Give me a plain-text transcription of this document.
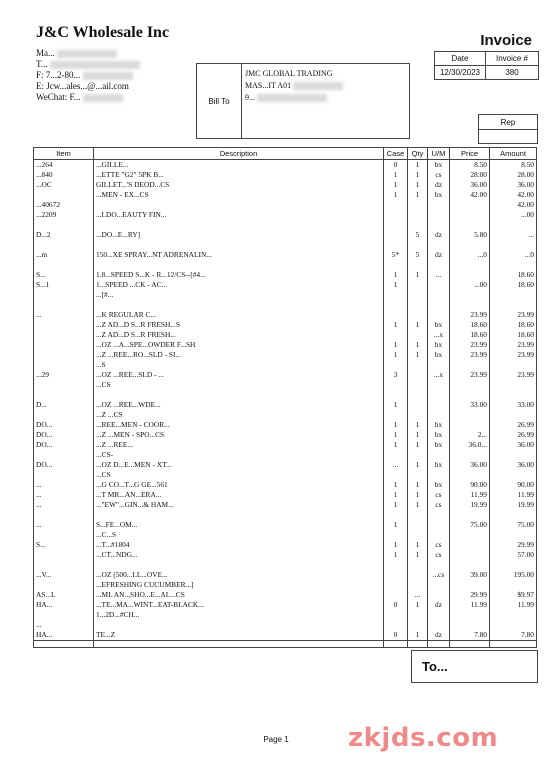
J&C Wholesale Inc
Ma...
T...
F: 7...2-80...
E: Jcw...ales...@...ail.com
WeChat: F...
Invoice
Date	Invoice #
12/30/2023	380
Bill To
JMC GLOBAL TRADING
MAS...IT A01
9...
Rep
Item	Description	Case	Qty	U/M	Price	Amount
...264	...GILLE...	0	1	bx	8.50	8.50
...840	...ETTE "G2" 5PK B...	1	1	cs	28.00	28.00
...OC	GILLET...'S DEOD...CS	1	1	dz	36.00	36.00
	...MEN - EX...CS	1	1	bx	42.00	42.00
...40672						42.00
...2209	...LDO...EAUTY FIN...					...00

D...2	...DO...E...RY]		5	dz	5.80	...

...m	150...XE SPRAY...NT ADRENALIN...	5*	5	dz	...0	...0

S...	1.8...SPEED S...K - R...12/CS--[#4...	1	1	...		18.60
S...1	1...SPEED ...CK - AC...	1			...00	18.60
	...[#...					

...	...K REGULAR C...				23.99	23.99
	...Z AD...D S...R FRESH...S	1	1	bx	18.60	18.60
	...Z AD...D S...R FRESH...			...x	18.60	18.60
	...OZ ...A...SPE...OWDER F...SH	1	1	bx	23.99	23.99
	...Z ...REE...RO...SLD - SI...	1	1	bx	23.99	23.99
	...S					
...29	...OZ ...REE...SLD - ...	3		...x	23.99	23.99
	...CS					

D...	...OZ ...REE...WDE...	1			33.00	33.00
	...Z ...CS					
DO...	...REE...MEN - COOR...	1	1	bx		26.99
DO...	...Z ...MEN - SPO...CS	1	1	bx	2...	26.99
DO...	...Z ...REE...	1	1	bx	36.0...	36.00
	...CS-					
DO...	...OZ D...E...MEN - XT...	...	1	bx	36.00	36.00
	...CS					
...	...G CO...T...G GE...561	1	1	bx	90.00	90.00
...	...T MR...AN...ERA...	1	1	cs	11.99	11.99
...	..."EW"...GIN...& HAM...	1	1	cs	19.99	19.99

...	S...FE...OM...	1			75.00	75.00
	...C...S					
S...	...T...#1804	1	1	cs		29.99
	...CT...NDG...	1	1	cs		57.00

...V...	...OZ (500...LL...OVE...			...cs	39.00	195.00
	...EFRESHING CUCUMBER...]					
AS...L	...ML AN...SHO...E...AL...CS		...		29.99	$9.97
HA...	...TE...MA...WINT...EAT-BLACK...	0	1	dz	11.99	11.99
	1...2D...#CH...					
...						
HA...	TE...Z	0	1	dz	7.80	7.80

To...
Page 1	zkjds.com
